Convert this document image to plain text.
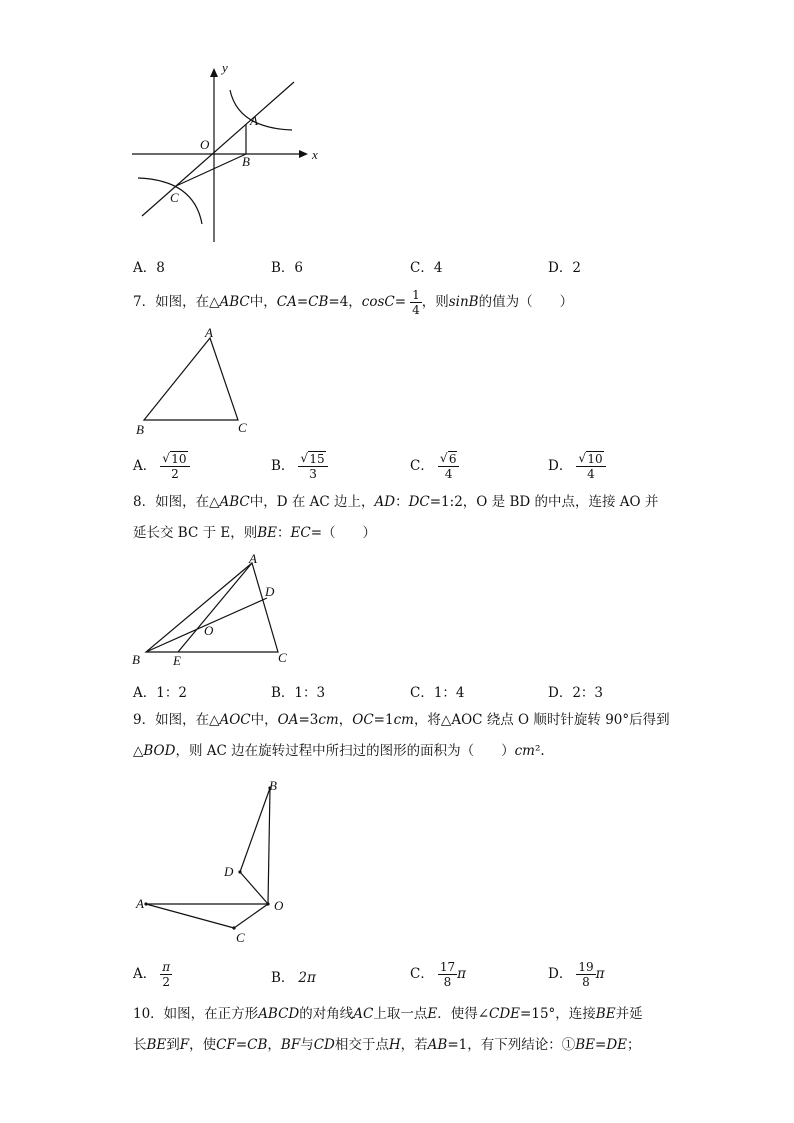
y
x
O
A
B
C
A．8	B．6	C．4	D．2
7．如图，在△ABC中，CA=CB=4，$\cos C= \frac{1}{4}$ ，则sinB的值为（　　）
A
B	C
A． $\frac{√ 10}{2}$	B． $\frac{√ 15}{3}$	C． $\frac{√ 6}{4}$	D． $\frac{√ 10}{4}$
8．如图，在△ABC中，D 在 AC 边上，AD：DC=1:2，O 是 BD 的中点，连接 AO 并
延长交 BC 于 E，则BE：EC=（　　）
A
D
O
B	E	C
A．1：2	B．1：3	C．1：4	D．2：3
9．如图，在△AOC中，OA=3cm，OC=1cm，将△AOC 绕点 O 顺时针旋转 90°后得到
△BOD，则 AC 边在旋转过程中所扫过的图形的面积为（　　）cm².
B
D
A	O
C
A． $\frac{\pi}{2}$	B． 2π	C． $\frac{17}{8}$ π	D． $\frac{19}{8}$ π
10．如图，在正方形ABCD的对角线AC上取一点E．使得∠CDE=15°，连接BE并延
长BE到F，使CF=CB，BF与CD相交于点H，若AB=1，有下列结论：①BE=DE；
